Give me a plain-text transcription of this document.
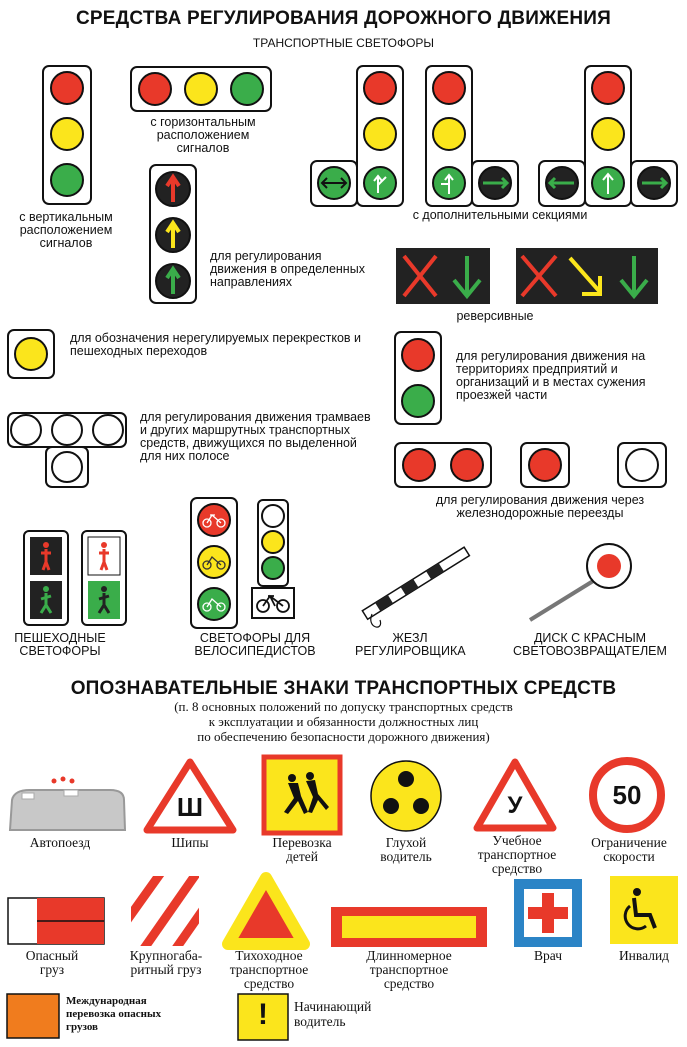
СРЕДСТВА РЕГУЛИРОВАНИЯ ДОРОЖНОГО ДВИЖЕНИЯ
ТРАНСПОРТНЫЕ СВЕТОФОРЫ
с вертикальным расположением сигналов
с горизонтальным расположением сигналов
с дополнительными секциями
для регулирования движения в определенных направлениях
реверсивные
для обозначения нерегулируемых перекрестков и пешеходных переходов	для регулирования движения на территориях предприятий и организаций и в местах сужения проезжей части
для регулирования движения трамваев и других маршрутных транспортных средств, движущихся по выделенной для них полосе
для регулирования движения через железнодорожные переезды
ПЕШЕХОДНЫЕ СВЕТОФОРЫ
СВЕТОФОРЫ ДЛЯ ВЕЛОСИПЕДИСТОВ
ЖЕЗЛ РЕГУЛИРОВЩИКА
ДИСК С КРАСНЫМ СВЕТОВОЗВРАЩАТЕЛЕМ
ОПОЗНАВАТЕЛЬНЫЕ ЗНАКИ ТРАНСПОРТНЫХ СРЕДСТВ
(п. 8 основных положений по допуску транспортных средств
к эксплуатации и обязанности должностных лиц
по обеспечению безопасности дорожного движения)
Ш	У	50
!
Автопоезд	Шипы	Перевозка детей
Глухой водитель
Учебное транспортное средство
Ограничение скорости
Опасный груз
Крупногаба-ритный груз
Тихоходное транспортное средство
Длинномерное транспортное средство
Врач	Инвалид
Международная перевозка опасных грузов
Начинающий водитель
